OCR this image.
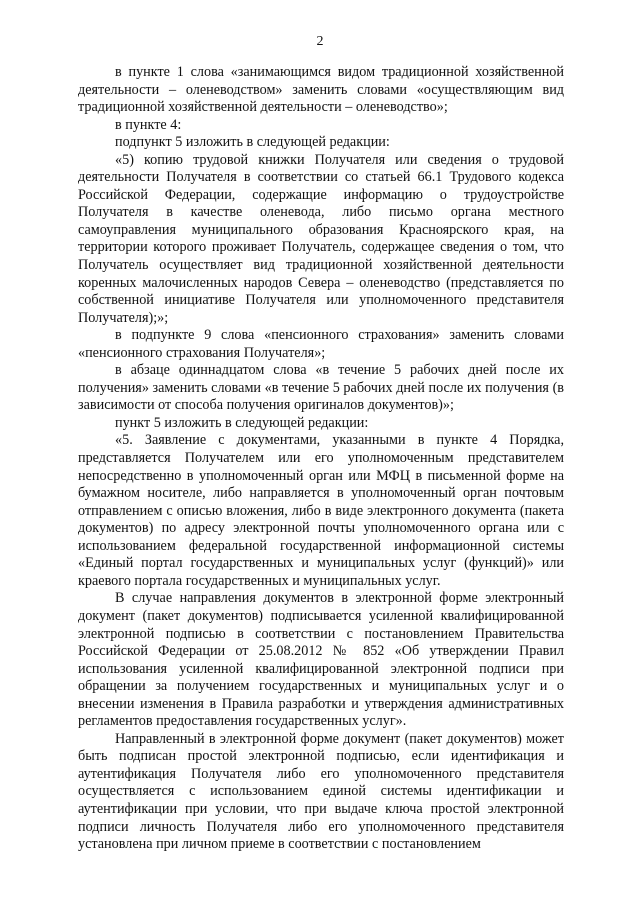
2

в пункте 1 слова «занимающимся видом традиционной хозяйственной деятельности – оленеводством» заменить словами «осуществляющим вид традиционной хозяйственной деятельности – оленеводство»;

в пункте 4:

подпункт 5 изложить в следующей редакции:

«5) копию трудовой книжки Получателя или сведения о трудовой деятельности Получателя в соответствии со статьей 66.1 Трудового кодекса Российской Федерации, содержащие информацию о трудоустройстве Получателя в качестве оленевода, либо письмо органа местного самоуправления муниципального образования Красноярского края, на территории которого проживает Получатель, содержащее сведения о том, что Получатель осуществляет вид традиционной хозяйственной деятельности коренных малочисленных народов Севера – оленеводство (представляется по собственной инициативе Получателя или уполномоченного представителя Получателя);»;

в подпункте 9 слова «пенсионного страхования» заменить словами «пенсионного страхования Получателя»;

в абзаце одиннадцатом слова «в течение 5 рабочих дней после их получения» заменить словами «в течение 5 рабочих дней после их получения (в зависимости от способа получения оригиналов документов)»;

пункт 5 изложить в следующей редакции:

«5. Заявление с документами, указанными в пункте 4 Порядка, представляется Получателем или его уполномоченным представителем непосредственно в уполномоченный орган или МФЦ в письменной форме на бумажном носителе, либо направляется в уполномоченный орган почтовым отправлением с описью вложения, либо в виде электронного документа (пакета документов) по адресу электронной почты уполномоченного органа или с использованием федеральной государственной информационной системы «Единый портал государственных и муниципальных услуг (функций)» или краевого портала государственных и муниципальных услуг.

В случае направления документов в электронной форме электронный документ (пакет документов) подписывается усиленной квалифицированной электронной подписью в соответствии с постановлением Правительства Российской Федерации от 25.08.2012 № 852 «Об утверждении Правил использования усиленной квалифицированной электронной подписи при обращении за получением государственных и муниципальных услуг и о внесении изменения в Правила разработки и утверждения административных регламентов предоставления государственных услуг».

Направленный в электронной форме документ (пакет документов) может быть подписан простой электронной подписью, если идентификация и аутентификация Получателя либо его уполномоченного представителя осуществляется с использованием единой системы идентификации и аутентификации при условии, что при выдаче ключа простой электронной подписи личность Получателя либо его уполномоченного представителя установлена при личном приеме в соответствии с постановлением
